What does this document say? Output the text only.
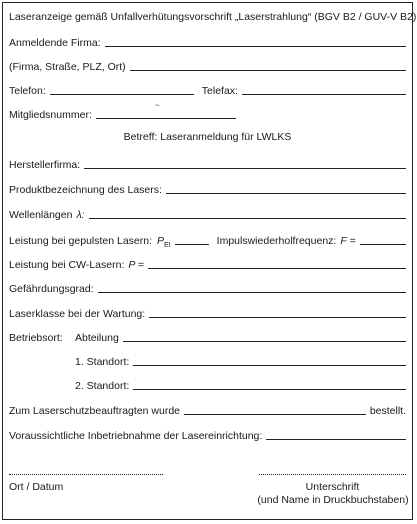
Laseranzeige gemäß Unfallverhütungsvorschrift „Laserstrahlung“ (BGV B2 / GUV-V B2)
Anmeldende Firma:
(Firma, Straße, PLZ, Ort)
Telefon:	Telefax:
~
Mitgliedsnummer:
Betreff: Laseranmeldung für LWLKS
Herstellerfirma:
Produktbezeichnung des Lasers:
Wellenlängen λ:
Leistung bei gepulsten Lasern: P EI	Impulswiederholfrequenz: F =
Leistung bei CW-Lasern: P =
Gefährdungsgrad:
Laserklasse bei der Wartung:
Betriebsort:	Abteilung
1. Standort:
2. Standort:
Zum Laserschutzbeauftragten wurde	bestellt.
Voraussichtliche Inbetriebnahme der Lasereinrichtung:
Ort / Datum	Unterschrift
(und Name in Druckbuchstaben)
